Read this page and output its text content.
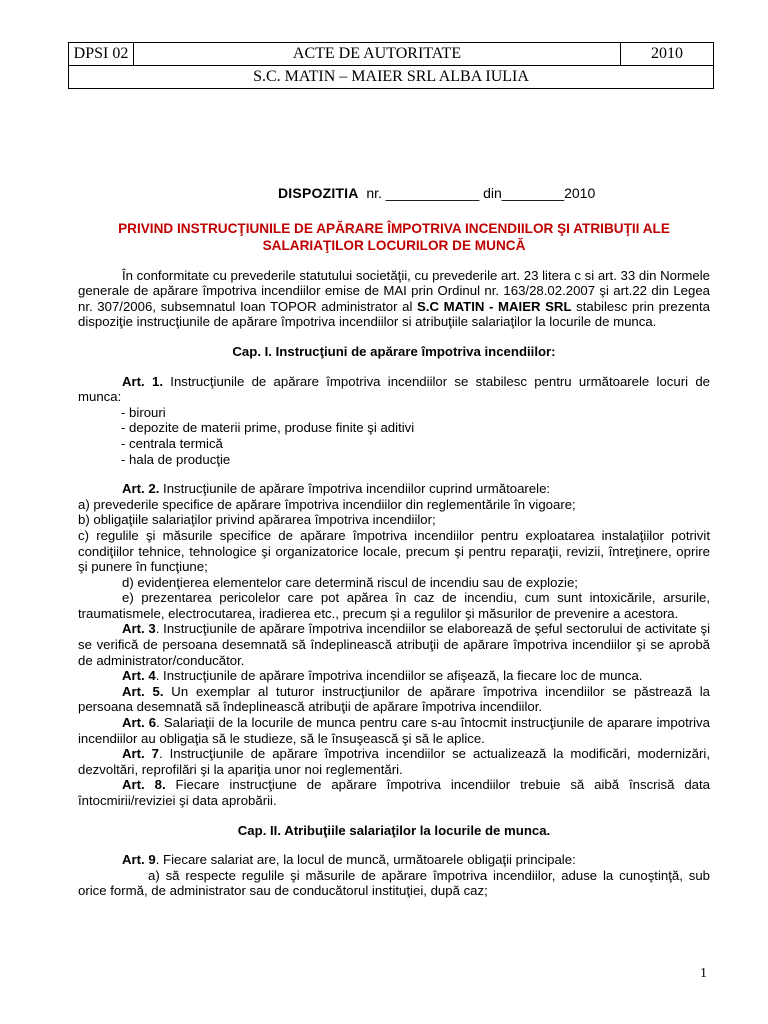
DPSI 02	ACTE DE AUTORITATE	2010
S.C. MATIN – MAIER SRL ALBA IULIA
DISPOZITIA nr. ____________ din________2010
PRIVIND INSTRUCŢIUNILE DE APĂRARE ÎMPOTRIVA INCENDIILOR ŞI ATRIBUŢII ALE SALARIAŢILOR LOCURILOR DE MUNCĂ

În conformitate cu prevederile statutului societăţii, cu prevederile art. 23 litera c si art. 33 din Normele generale de apărare împotriva incendiilor emise de MAI prin Ordinul nr. 163/28.02.2007 şi art.22 din Legea nr. 307/2006, subsemnatul Ioan TOPOR administrator al S.C MATIN - MAIER SRL stabilesc prin prezenta dispoziţie instrucţiunile de apărare împotriva incendiilor si atribuţiile salariaţilor la locurile de munca.

Cap. I. Instrucţiuni de apărare împotriva incendiilor:

Art. 1. Instrucţiunile de apărare împotriva incendiilor se stabilesc pentru următoarele locuri de munca:

- birouri
- depozite de materii prime, produse finite şi aditivi
- centrala termică
- hala de producţie

Art. 2. Instrucţiunile de apărare împotriva incendiilor cuprind următoarele:

a) prevederile specifice de apărare împotriva incendiilor din reglementările în vigoare;

b) obligaţiile salariaţilor privind apărarea împotriva incendiilor;

c) regulile şi măsurile specifice de apărare împotriva incendiilor pentru exploatarea instalaţiilor potrivit condiţiilor tehnice, tehnologice şi organizatorice locale, precum şi pentru reparaţii, revizii, întreţinere, oprire şi punere în funcţiune;

d) evidenţierea elementelor care determină riscul de incendiu sau de explozie;

e) prezentarea pericolelor care pot apărea în caz de incendiu, cum sunt intoxicările, arsurile, traumatismele, electrocutarea, iradierea etc., precum şi a regulilor şi măsurilor de prevenire a acestora.

Art. 3. Instrucţiunile de apărare împotriva incendiilor se elaborează de şeful sectorului de activitate şi se verifică de persoana desemnată să îndeplinească atribuţii de apărare împotriva incendiilor şi se aprobă de administrator/conducător.

Art. 4. Instrucţiunile de apărare împotriva incendiilor se afişează, la fiecare loc de munca.

Art. 5. Un exemplar al tuturor instrucţiunilor de apărare împotriva incendiilor se păstrează la persoana desemnată să îndeplinească atribuţii de apărare împotriva incendiilor.

Art. 6. Salariaţii de la locurile de munca pentru care s-au întocmit instrucţiunile de aparare impotriva incendiilor au obligaţia să le studieze, să le însuşească şi să le aplice.

Art. 7. Instrucţiunile de apărare împotriva incendiilor se actualizează la modificări, modernizări, dezvoltări, reprofilări şi la apariţia unor noi reglementări.

Art. 8. Fiecare instrucţiune de apărare împotriva incendiilor trebuie să aibă înscrisă data întocmirii/reviziei şi data aprobării.

Cap. II. Atribuţiile salariaţilor la locurile de munca.

Art. 9. Fiecare salariat are, la locul de muncă, următoarele obligaţii principale:

a) să respecte regulile şi măsurile de apărare împotriva incendiilor, aduse la cunoştinţă, sub orice formă, de administrator sau de conducătorul instituţiei, după caz;

1
